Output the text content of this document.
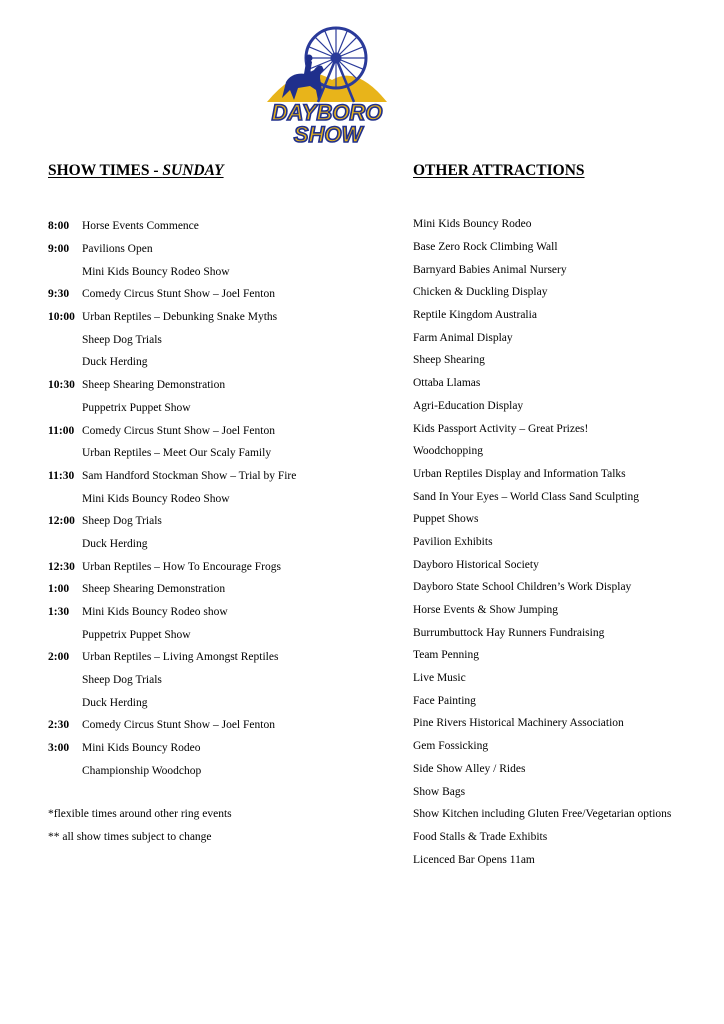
DAYBORO
SHOW
SHOW TIMES - SUNDAY	OTHER ATTRACTIONS
8:00	Horse Events Commence
9:00	Pavilions Open
Mini Kids Bouncy Rodeo Show
9:30	Comedy Circus Stunt Show – Joel Fenton
10:00 Urban Reptiles – Debunking Snake Myths
Sheep Dog Trials
Duck Herding
10:30 Sheep Shearing Demonstration
Puppetrix Puppet Show
11:00 Comedy Circus Stunt Show – Joel Fenton
Urban Reptiles – Meet Our Scaly Family
11:30 Sam Handford Stockman Show – Trial by Fire
Mini Kids Bouncy Rodeo Show
12:00 Sheep Dog Trials
Duck Herding
12:30 Urban Reptiles – How To Encourage Frogs
1:00	Sheep Shearing Demonstration
1:30	Mini Kids Bouncy Rodeo show
Puppetrix Puppet Show
2:00	Urban Reptiles – Living Amongst Reptiles
Sheep Dog Trials
Duck Herding
2:30	Comedy Circus Stunt Show – Joel Fenton
3:00	Mini Kids Bouncy Rodeo
Championship Woodchop
*flexible times around other ring events
** all show times subject to change
Mini Kids Bouncy Rodeo
Base Zero Rock Climbing Wall
Barnyard Babies Animal Nursery
Chicken & Duckling Display
Reptile Kingdom Australia
Farm Animal Display
Sheep Shearing
Ottaba Llamas
Agri-Education Display
Kids Passport Activity – Great Prizes!
Woodchopping
Urban Reptiles Display and Information Talks
Sand In Your Eyes – World Class Sand Sculpting
Puppet Shows
Pavilion Exhibits
Dayboro Historical Society
Dayboro State School Children’s Work Display
Horse Events & Show Jumping
Burrumbuttock Hay Runners Fundraising
Team Penning
Live Music
Face Painting
Pine Rivers Historical Machinery Association
Gem Fossicking
Side Show Alley / Rides
Show Bags
Show Kitchen including Gluten Free/Vegetarian options
Food Stalls & Trade Exhibits
Licenced Bar Opens 11am
